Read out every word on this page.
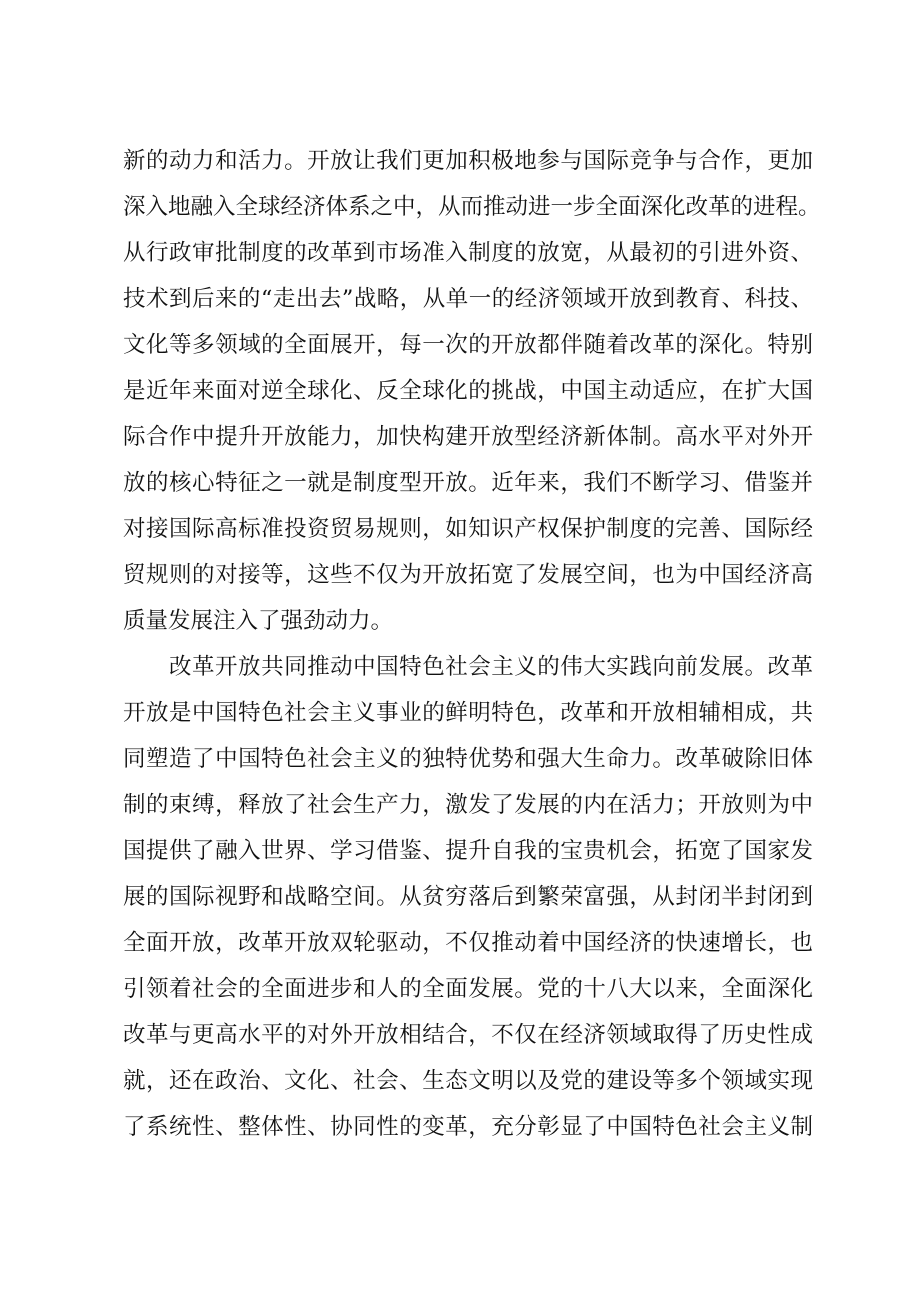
新的动力和活力。开放让我们更加积极地参与国际竞争与合作，更加
深入地融入全球经济体系之中，从而推动进一步全面深化改革的进程。
从行政审批制度的改革到市场准入制度的放宽，从最初的引进外资、
技术到后来的“走出去”战略，从单一的经济领域开放到教育、科技、
文化等多领域的全面展开，每一次的开放都伴随着改革的深化。特别
是近年来面对逆全球化、反全球化的挑战，中国主动适应，在扩大国
际合作中提升开放能力，加快构建开放型经济新体制。高水平对外开
放的核心特征之一就是制度型开放。近年来，我们不断学习、借鉴并
对接国际高标准投资贸易规则，如知识产权保护制度的完善、国际经
贸规则的对接等，这些不仅为开放拓宽了发展空间，也为中国经济高
质量发展注入了强劲动力。
改革开放共同推动中国特色社会主义的伟大实践向前发展。改革
开放是中国特色社会主义事业的鲜明特色，改革和开放相辅相成，共
同塑造了中国特色社会主义的独特优势和强大生命力。改革破除旧体
制的束缚，释放了社会生产力，激发了发展的内在活力；开放则为中
国提供了融入世界、学习借鉴、提升自我的宝贵机会，拓宽了国家发
展的国际视野和战略空间。从贫穷落后到繁荣富强，从封闭半封闭到
全面开放，改革开放双轮驱动，不仅推动着中国经济的快速增长，也
引领着社会的全面进步和人的全面发展。党的十八大以来，全面深化
改革与更高水平的对外开放相结合，不仅在经济领域取得了历史性成
就，还在政治、文化、社会、生态文明以及党的建设等多个领域实现
了系统性、整体性、协同性的变革，充分彰显了中国特色社会主义制
